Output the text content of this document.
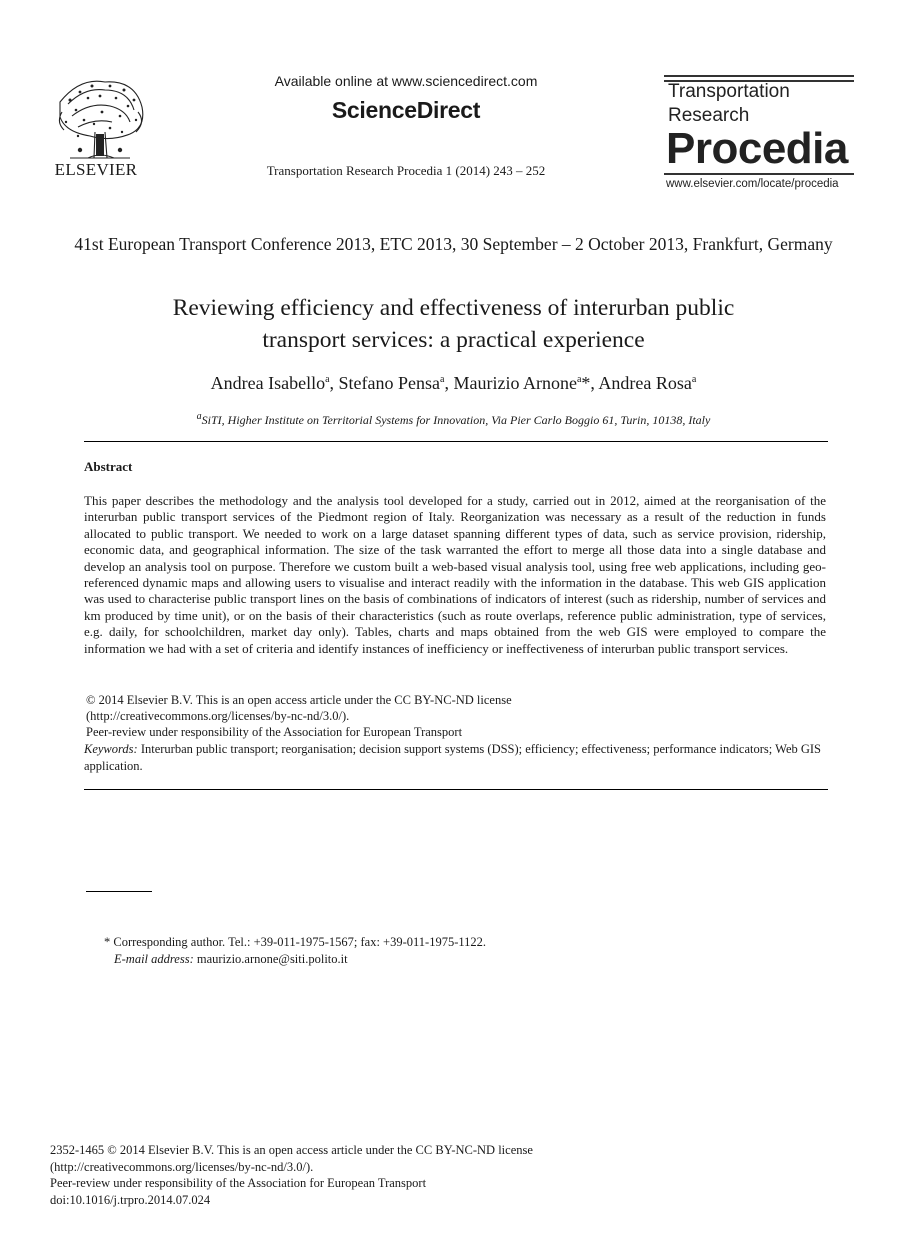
ELSEVIER
Available online at www.sciencedirect.com
ScienceDirect
Transportation Research Procedia 1 (2014) 243 – 252
Transportation
Research
Procedia
www.elsevier.com/locate/procedia
41st European Transport Conference 2013, ETC 2013, 30 September – 2 October 2013, Frankfurt, Germany
Reviewing efficiency and effectiveness of interurban public
transport services: a practical experience
Andrea Isabello$^a$, Stefano Pensa$^a$, Maurizio Arnone$^a$*, Andrea Rosa$^a$
$^a$SiTI, Higher Institute on Territorial Systems for Innovation, Via Pier Carlo Boggio 61, Turin, 10138, Italy
Abstract
This paper describes the methodology and the analysis tool developed for a study, carried out in 2012, aimed at the reorganisation of the interurban public transport services of the Piedmont region of Italy. Reorganization was necessary as a result of the reduction in funds allocated to public transport. We needed to work on a large dataset spanning different types of data, such as service provision, ridership, economic data, and geographical information. The size of the task warranted the effort to merge all those data into a single database and develop an analysis tool on purpose. Therefore we custom built a web-based visual analysis tool, using free web applications, including geo-referenced dynamic maps and allowing users to visualise and interact readily with the information in the database. This web GIS application was used to characterise public transport lines on the basis of combinations of indicators of interest (such as ridership, number of services and km produced by time unit), or on the basis of their characteristics (such as route overlaps, reference public administration, type of services, e.g. daily, for schoolchildren, market day only). Tables, charts and maps obtained from the web GIS were employed to compare the information we had with a set of criteria and identify instances of inefficiency or ineffectiveness of interurban public transport services.
© 2014 Elsevier B.V. This is an open access article under the CC BY-NC-ND license
(http://creativecommons.org/licenses/by-nc-nd/3.0/).
Peer-review under responsibility of the Association for European Transport
Keywords: Interurban public transport; reorganisation; decision support systems (DSS); efficiency; effectiveness; performance indicators; Web GIS application.
* Corresponding author. Tel.: +39-011-1975-1567; fax: +39-011-1975-1122.
E-mail address: maurizio.arnone@siti.polito.it
2352-1465 © 2014 Elsevier B.V. This is an open access article under the CC BY-NC-ND license
(http://creativecommons.org/licenses/by-nc-nd/3.0/).
Peer-review under responsibility of the Association for European Transport
doi:10.1016/j.trpro.2014.07.024
